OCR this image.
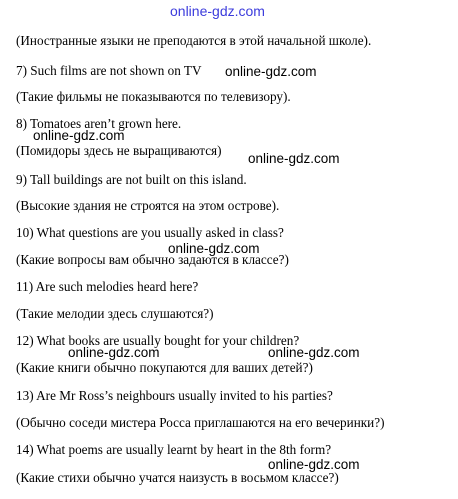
online-gdz.com
(Иностранные языки не преподаются в этой начальной школе).
7) Such films are not shown on TV
(Такие фильмы не показываются по телевизору).
8) Tomatoes aren’t grown here.
(Помидоры здесь не выращиваются)
9) Tall buildings are not built on this island.
(Высокие здания не строятся на этом острове).
10) What questions are you usually asked in class?
(Какие вопросы вам обычно задаются в классе?)
11) Are such melodies heard here?
(Такие мелодии здесь слушаются?)
12) What books are usually bought for your children?
(Какие книги обычно покупаются для ваших детей?)
13) Are Mr Ross’s neighbours usually invited to his parties?
(Обычно соседи мистера Росса приглашаются на его вечеринки?)
14) What poems are usually learnt by heart in the 8th form?
(Какие стихи обычно учатся наизусть в восьмом классе?)
online-gdz.com
online-gdz.com
online-gdz.com
online-gdz.com
online-gdz.com	online-gdz.com
online-gdz.com
